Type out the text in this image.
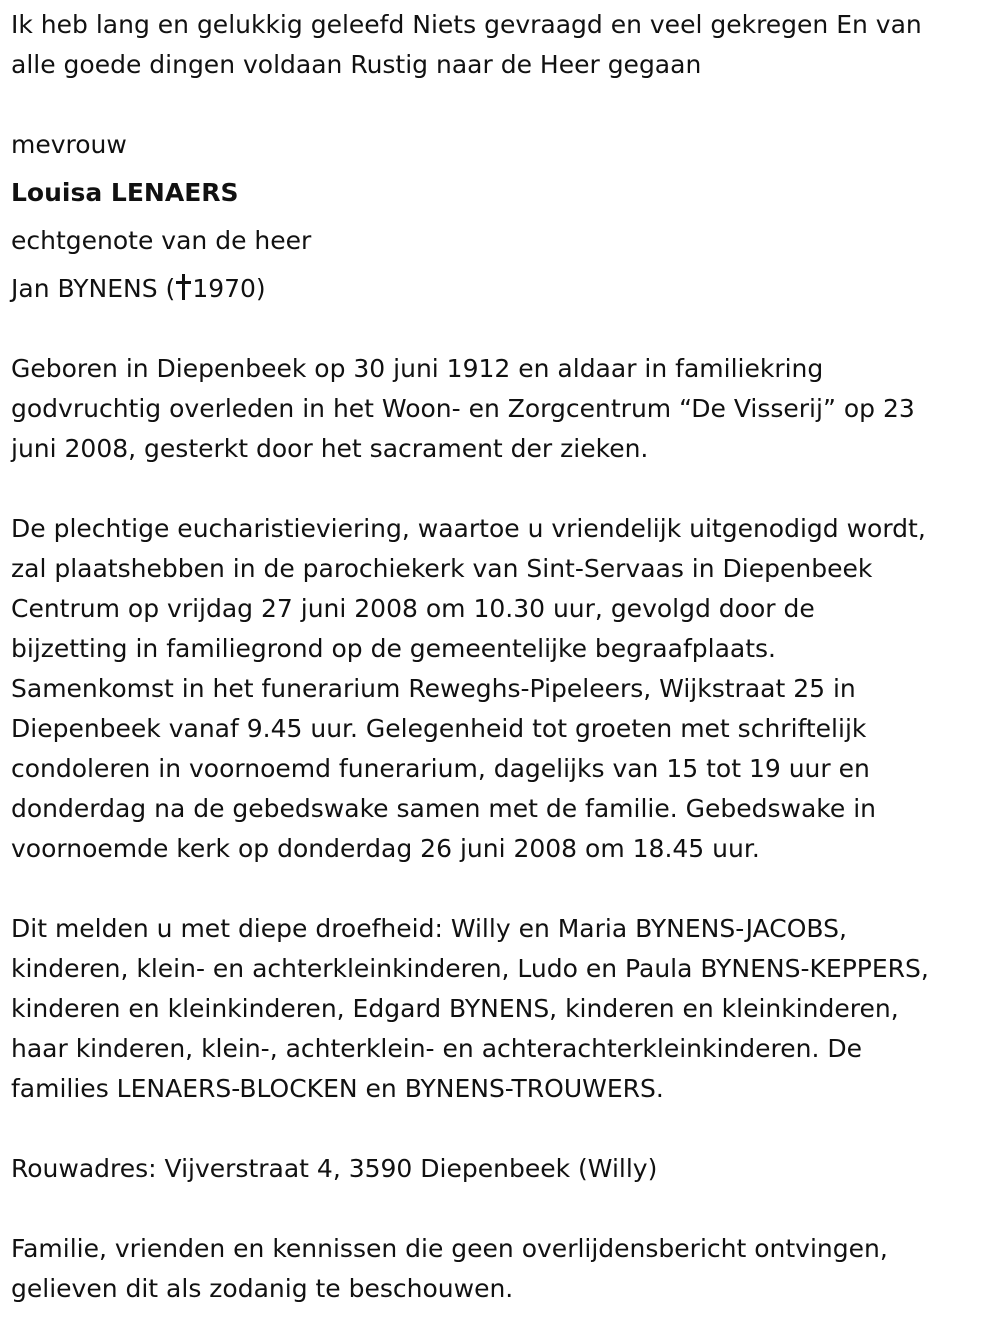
Ik heb lang en gelukkig geleefd Niets gevraagd en veel gekregen En van
alle goede dingen voldaan Rustig naar de Heer gegaan

mevrouw

Louisa LENAERS

echtgenote van de heer

Jan BYNENS ( 1970)

Geboren in Diepenbeek op 30 juni 1912 en aldaar in familiekring
godvruchtig overleden in het Woon- en Zorgcentrum “De Visserij” op 23
juni 2008, gesterkt door het sacrament der zieken.

De plechtige eucharistieviering, waartoe u vriendelijk uitgenodigd wordt,
zal plaatshebben in de parochiekerk van Sint-Servaas in Diepenbeek
Centrum op vrijdag 27 juni 2008 om 10.30 uur, gevolgd door de
bijzetting in familiegrond op de gemeentelijke begraafplaats.
Samenkomst in het funerarium Reweghs-Pipeleers, Wijkstraat 25 in
Diepenbeek vanaf 9.45 uur. Gelegenheid tot groeten met schriftelijk
condoleren in voornoemd funerarium, dagelijks van 15 tot 19 uur en
donderdag na de gebedswake samen met de familie. Gebedswake in
voornoemde kerk op donderdag 26 juni 2008 om 18.45 uur.

Dit melden u met diepe droefheid: Willy en Maria BYNENS-JACOBS,
kinderen, klein- en achterkleinkinderen, Ludo en Paula BYNENS-KEPPERS,
kinderen en kleinkinderen, Edgard BYNENS, kinderen en kleinkinderen,
haar kinderen, klein-, achterklein- en achterachterkleinkinderen. De
families LENAERS-BLOCKEN en BYNENS-TROUWERS.

Rouwadres: Vijverstraat 4, 3590 Diepenbeek (Willy)

Familie, vrienden en kennissen die geen overlijdensbericht ontvingen,
gelieven dit als zodanig te beschouwen.
